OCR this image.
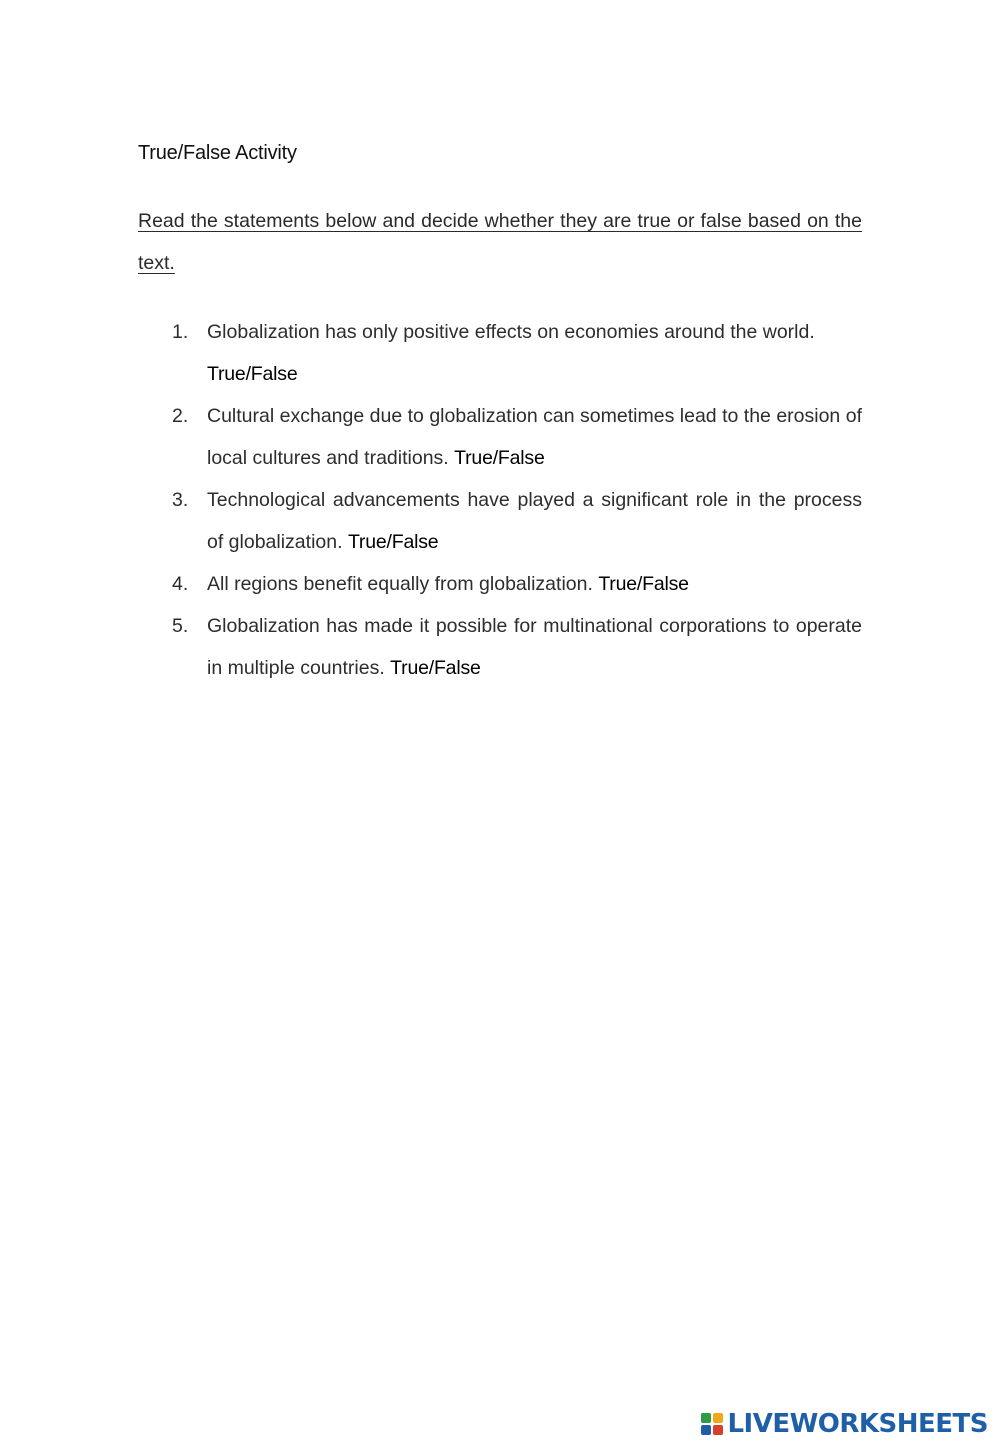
True/False Activity
Read the statements below and decide whether they are true or false based on the text.
1. Globalization has only positive effects on economies around the world.
True/False
2. Cultural exchange due to globalization can sometimes lead to the erosion of local cultures and traditions. True/False
3. Technological advancements have played a significant role in the process of globalization. True/False
4. All regions benefit equally from globalization. True/False
5. Globalization has made it possible for multinational corporations to operate in multiple countries. True/False
LIVEWORKSHEETS
